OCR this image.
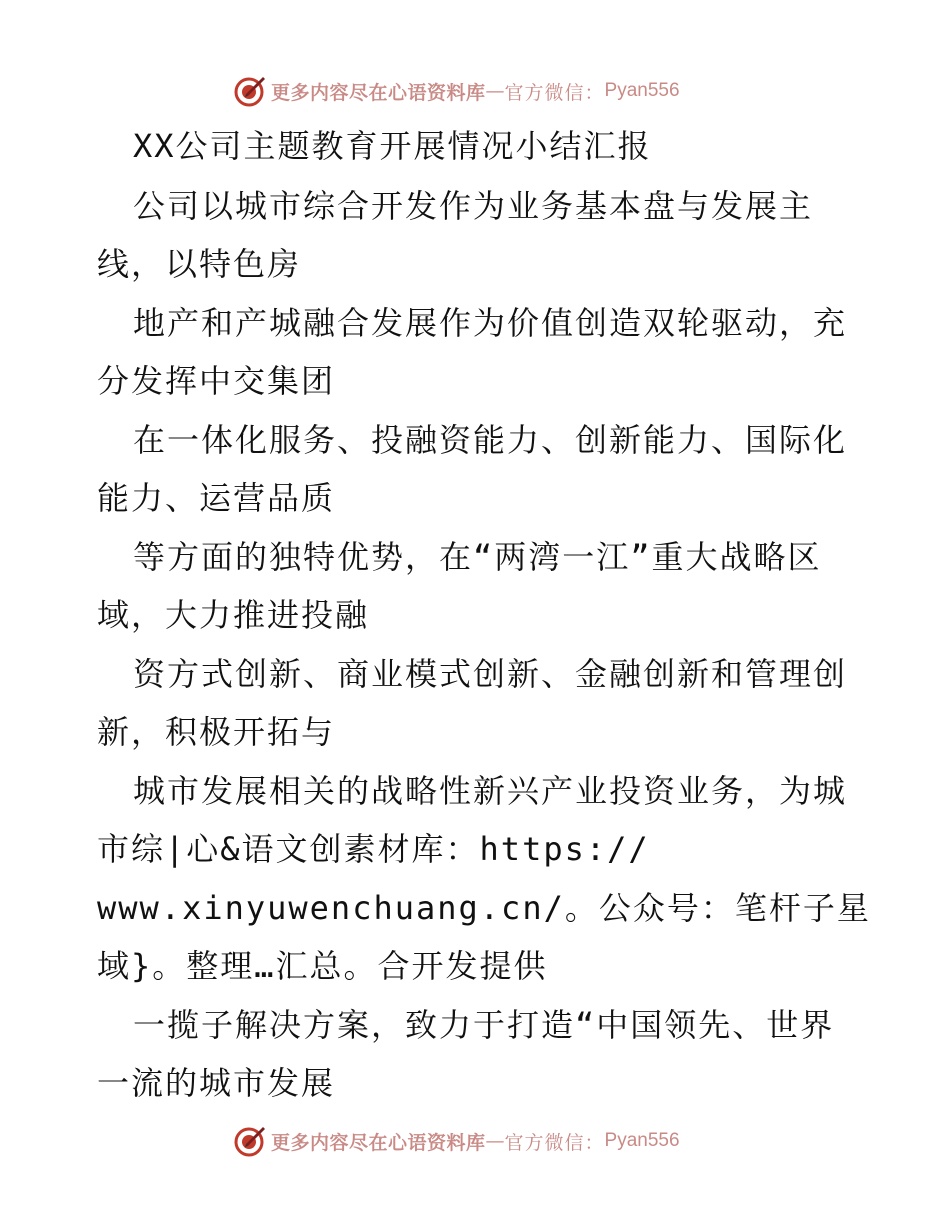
更多内容尽在心语资料库 — 官方微信： Pyan556

XX公司主题教育开展情况小结汇报

公司以城市综合开发作为业务基本盘与发展主

线，以特色房

地产和产城融合发展作为价值创造双轮驱动，充

分发挥中交集团

在一体化服务、投融资能力、创新能力、国际化

能力、运营品质

等方面的独特优势，在“两湾一江”重大战略区

域，大力推进投融

资方式创新、商业模式创新、金融创新和管理创

新，积极开拓与

城市发展相关的战略性新兴产业投资业务，为城

市综|心&语文创素材库：https://

www.xinyuwenchuang.cn/。公众号：笔杆子星

域}。整理…汇总。合开发提供

一揽子解决方案，致力于打造“中国领先、世界

一流的城市发展

更多内容尽在心语资料库 — 官方微信： Pyan556
